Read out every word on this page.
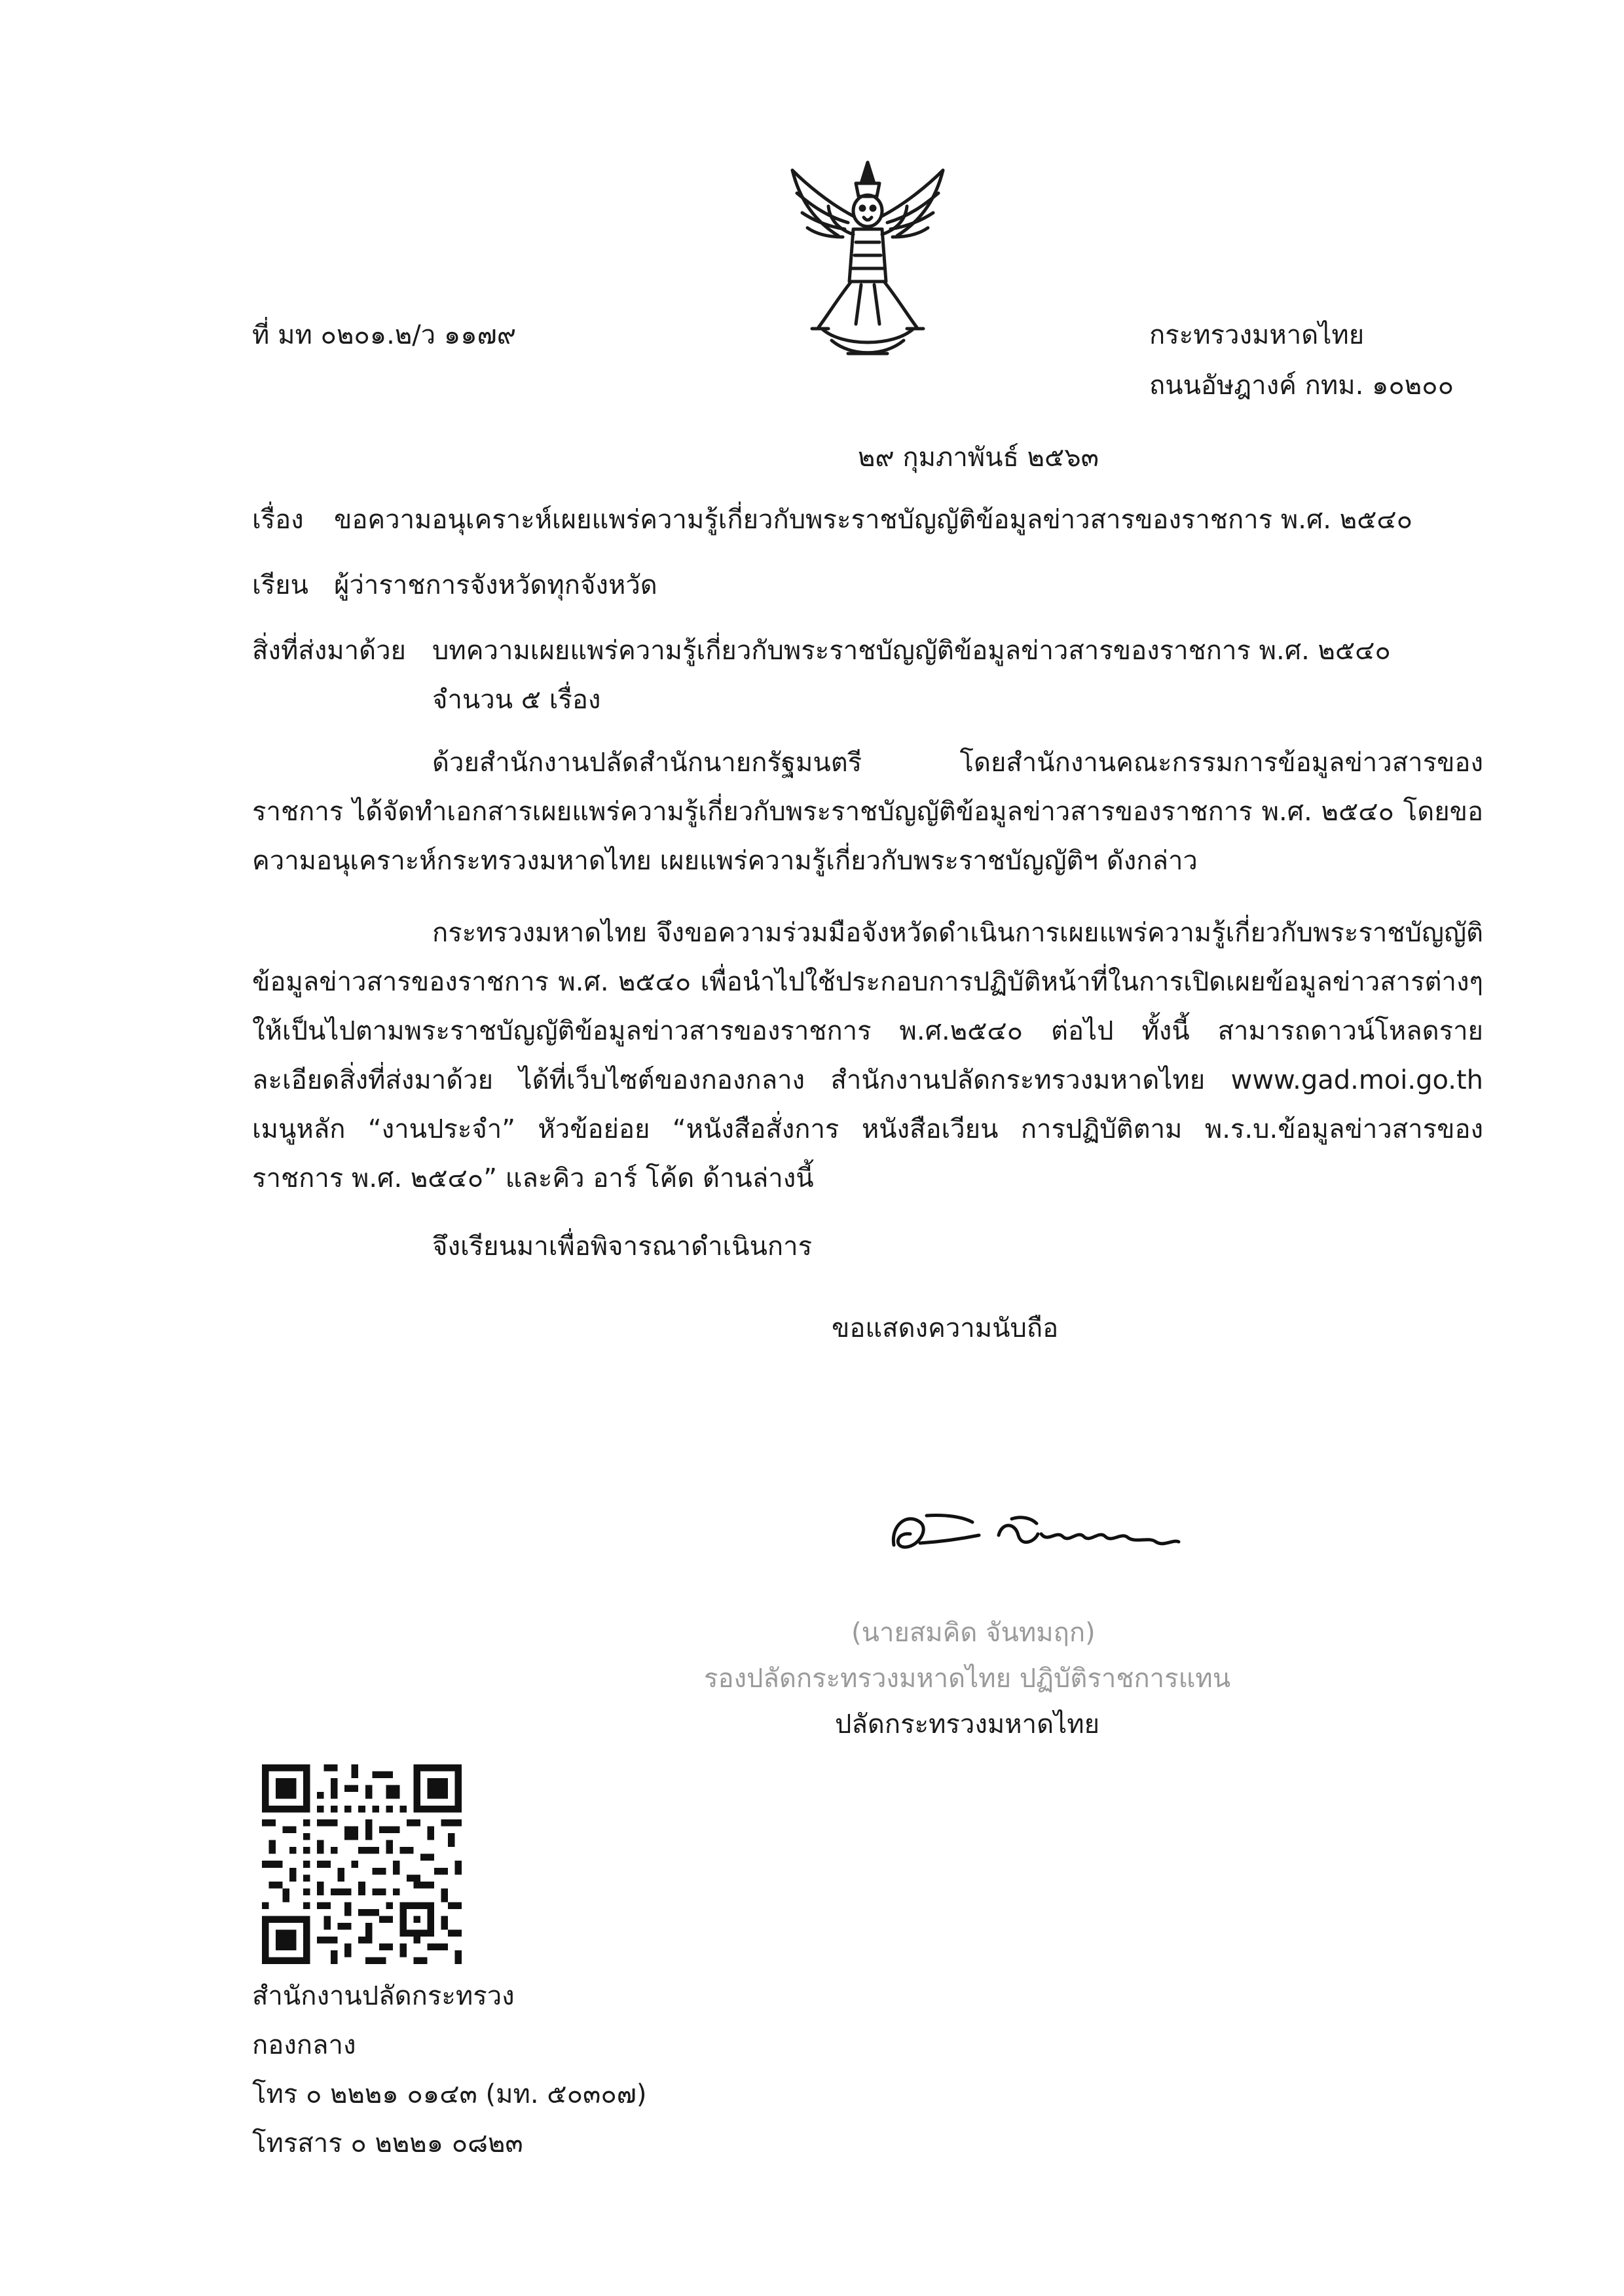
ที่ มท ๐๒๐๑.๒/ว ๑๑๗๙	กระทรวงมหาดไทย
ถนนอัษฎางค์ กทม. ๑๐๒๐๐
๒๙ กุมภาพันธ์ ๒๕๖๓
เรื่อง ขอความอนุเคราะห์เผยแพร่ความรู้เกี่ยวกับพระราชบัญญัติข้อมูลข่าวสารของราชการ พ.ศ. ๒๕๔๐
เรียน ผู้ว่าราชการจังหวัดทุกจังหวัด
สิ่งที่ส่งมาด้วย บทความเผยแพร่ความรู้เกี่ยวกับพระราชบัญญัติข้อมูลข่าวสารของราชการ พ.ศ. ๒๕๔๐
จำนวน ๕ เรื่อง
ด้วยสำนักงานปลัดสำนักนายกรัฐมนตรี โดยสำนักงานคณะกรรมการข้อมูลข่าวสารของราชการ ได้จัดทำเอกสารเผยแพร่ความรู้เกี่ยวกับพระราชบัญญัติข้อมูลข่าวสารของราชการ พ.ศ. ๒๕๔๐ โดยขอความอนุเคราะห์กระทรวงมหาดไทย เผยแพร่ความรู้เกี่ยวกับพระราชบัญญัติฯ ดังกล่าว
กระทรวงมหาดไทย จึงขอความร่วมมือจังหวัดดำเนินการเผยแพร่ความรู้เกี่ยวกับพระราชบัญญัติข้อมูลข่าวสารของราชการ พ.ศ. ๒๕๔๐ เพื่อนำไปใช้ประกอบการปฏิบัติหน้าที่ในการเปิดเผยข้อมูลข่าวสารต่างๆ ให้เป็นไปตามพระราชบัญญัติข้อมูลข่าวสารของราชการ พ.ศ.๒๕๔๐ ต่อไป ทั้งนี้ สามารถดาวน์โหลดรายละเอียดสิ่งที่ส่งมาด้วย ได้ที่เว็บไซต์ของกองกลาง สำนักงานปลัดกระทรวงมหาดไทย www.gad.moi.go.th เมนูหลัก “งานประจำ” หัวข้อย่อย “หนังสือสั่งการ หนังสือเวียน การปฏิบัติตาม พ.ร.บ.ข้อมูลข่าวสารของราชการ พ.ศ. ๒๕๔๐” และคิว อาร์ โค้ด ด้านล่างนี้
จึงเรียนมาเพื่อพิจารณาดำเนินการ
ขอแสดงความนับถือ
(นายสมคิด จันทมฤก)
รองปลัดกระทรวงมหาดไทย ปฏิบัติราชการแทน
ปลัดกระทรวงมหาดไทย
สำนักงานปลัดกระทรวง
กองกลาง
โทร ๐ ๒๒๒๑ ๐๑๔๓ (มท. ๕๐๓๐๗)
โทรสาร ๐ ๒๒๒๑ ๐๘๒๓
